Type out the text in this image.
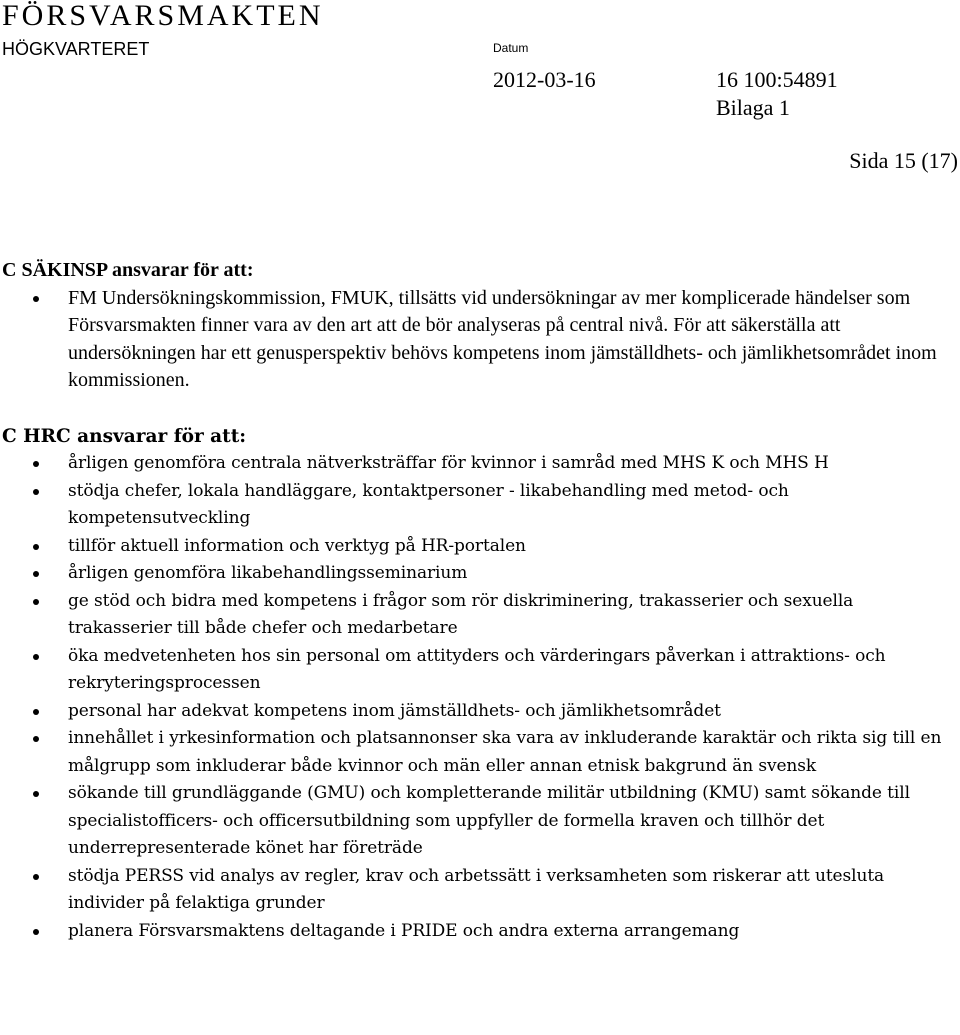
FÖRSVARSMAKTEN
HÖGKVARTERET	Datum
2012-03-16	16 100:54891
Bilaga 1
Sida 15 (17)

C SÄKINSP ansvarar för att:

FM Undersökningskommission, FMUK, tillsätts vid undersökningar av mer komplicerade händelser som Försvarsmakten finner vara av den art att de bör analyseras på central nivå. För att säkerställa att undersökningen har ett genusperspektiv behövs kompetens inom jämställdhets- och jämlikhetsområdet inom kommissionen.

C HRC ansvarar för att:

årligen genomföra centrala nätverksträffar för kvinnor i samråd med MHS K och MHS H
stödja chefer, lokala handläggare, kontaktpersoner - likabehandling med metod- och kompetensutveckling
tillför aktuell information och verktyg på HR-portalen
årligen genomföra likabehandlingsseminarium
ge stöd och bidra med kompetens i frågor som rör diskriminering, trakasserier och sexuella trakasserier till både chefer och medarbetare
öka medvetenheten hos sin personal om attityders och värderingars påverkan i attraktions- och rekryteringsprocessen
personal har adekvat kompetens inom jämställdhets- och jämlikhetsområdet
innehållet i yrkesinformation och platsannonser ska vara av inkluderande karaktär och rikta sig till en målgrupp som inkluderar både kvinnor och män eller annan etnisk bakgrund än svensk
sökande till grundläggande (GMU) och kompletterande militär utbildning (KMU) samt sökande till specialistofficers- och officersutbildning som uppfyller de formella kraven och tillhör det underrepresenterade könet har företräde
stödja PERSS vid analys av regler, krav och arbetssätt i verksamheten som riskerar att utesluta individer på felaktiga grunder
planera Försvarsmaktens deltagande i PRIDE och andra externa arrangemang
